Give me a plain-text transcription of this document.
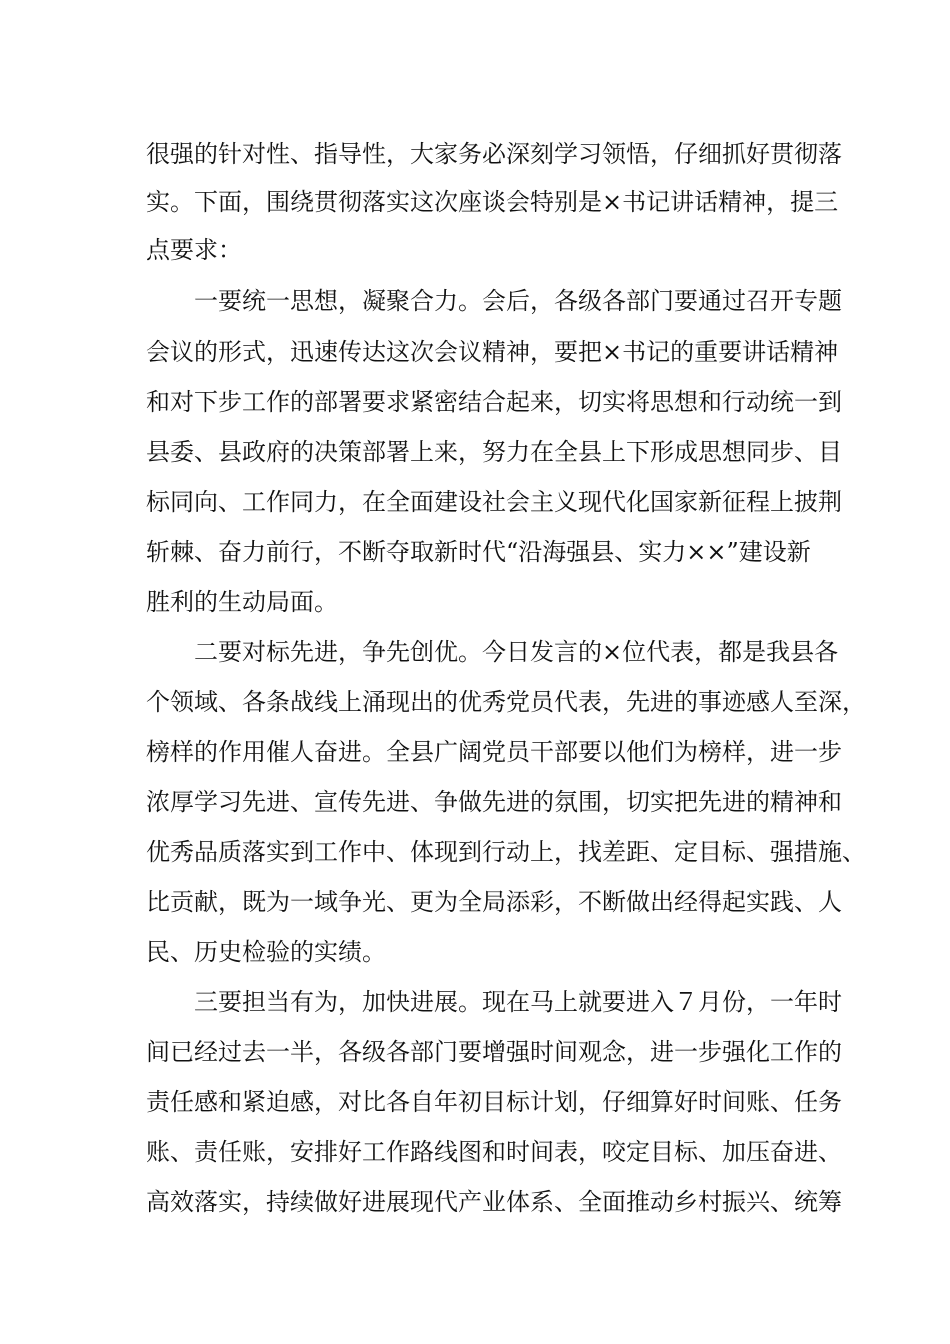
很强的针对性、指导性，大家务必深刻学习领悟，仔细抓好贯彻落
实。下面，围绕贯彻落实这次座谈会特别是×书记讲话精神，提三
点要求：
一要统一思想，凝聚合力。会后，各级各部门要通过召开专题
会议的形式，迅速传达这次会议精神，要把×书记的重要讲话精神
和对下步工作的部署要求紧密结合起来，切实将思想和行动统一到
县委、县政府的决策部署上来，努力在全县上下形成思想同步、目
标同向、工作同力，在全面建设社会主义现代化国家新征程上披荆
斩棘、奋力前行，不断夺取新时代“沿海强县、实力××”建设新
胜利的生动局面。
二要对标先进，争先创优。今日发言的×位代表，都是我县各
个领域、各条战线上涌现出的优秀党员代表，先进的事迹感人至深，
榜样的作用催人奋进。全县广阔党员干部要以他们为榜样，进一步
浓厚学习先进、宣传先进、争做先进的氛围，切实把先进的精神和
优秀品质落实到工作中、体现到行动上，找差距、定目标、强措施、
比贡献，既为一域争光、更为全局添彩，不断做出经得起实践、人
民、历史检验的实绩。
三要担当有为，加快进展。现在马上就要进入７月份，一年时
间已经过去一半，各级各部门要增强时间观念，进一步强化工作的
责任感和紧迫感，对比各自年初目标计划，仔细算好时间账、任务
账、责任账，安排好工作路线图和时间表，咬定目标、加压奋进、
高效落实，持续做好进展现代产业体系、全面推动乡村振兴、统筹
